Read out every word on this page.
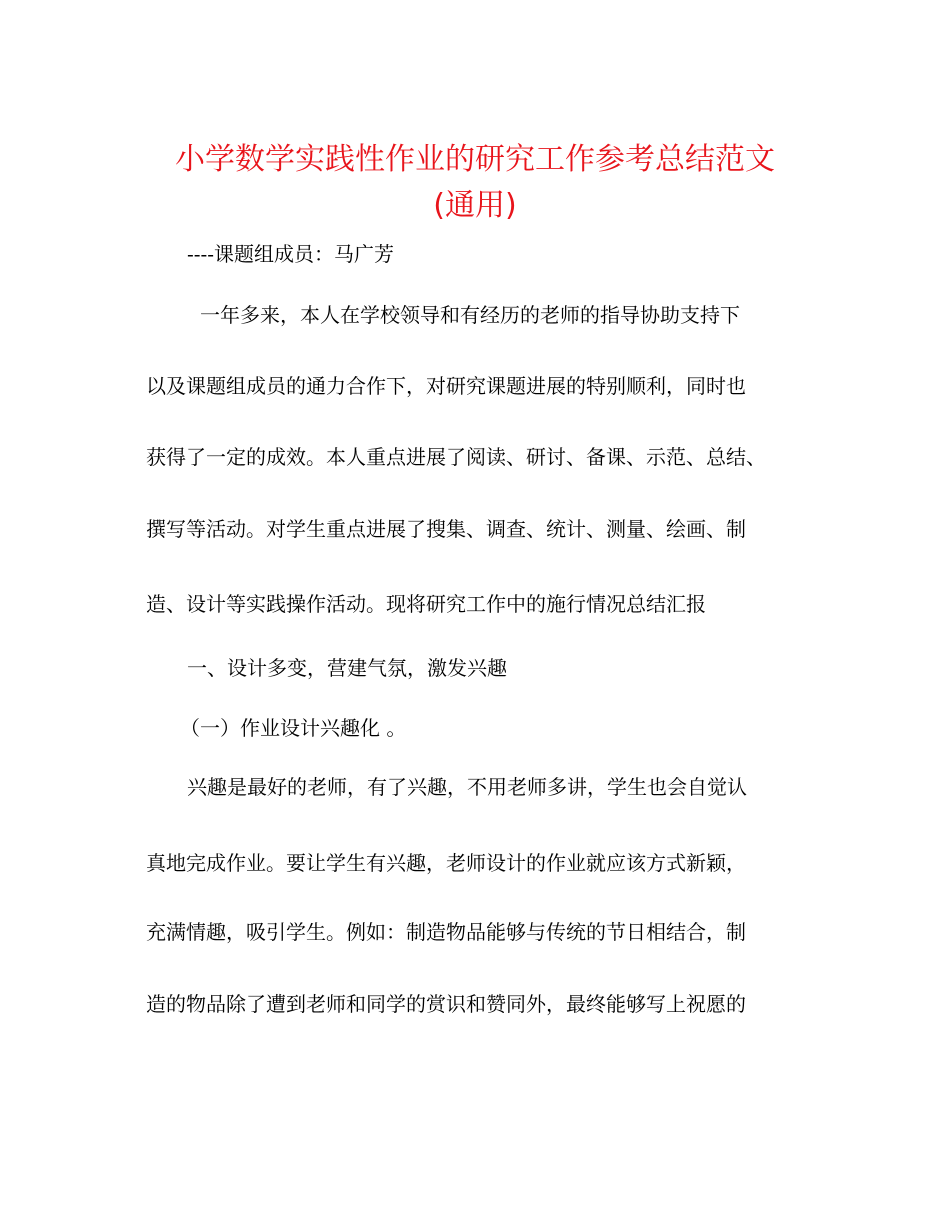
小学数学实践性作业的研究工作参考总结范文
(通用)
----课题组成员：马广芳
一年多来，本人在学校领导和有经历的老师的指导协助支持下
以及课题组成员的通力合作下，对研究课题进展的特别顺利，同时也
获得了一定的成效。本人重点进展了阅读、研讨、备课、示范、总结、
撰写等活动。对学生重点进展了搜集、调查、统计、测量、绘画、制
造、设计等实践操作活动。现将研究工作中的施行情况总结汇报
一、设计多变，营建气氛，激发兴趣
（一）作业设计兴趣化 。
兴趣是最好的老师，有了兴趣，不用老师多讲，学生也会自觉认
真地完成作业。要让学生有兴趣，老师设计的作业就应该方式新颖，
充满情趣，吸引学生。例如：制造物品能够与传统的节日相结合，制
造的物品除了遭到老师和同学的赏识和赞同外，最终能够写上祝愿的
